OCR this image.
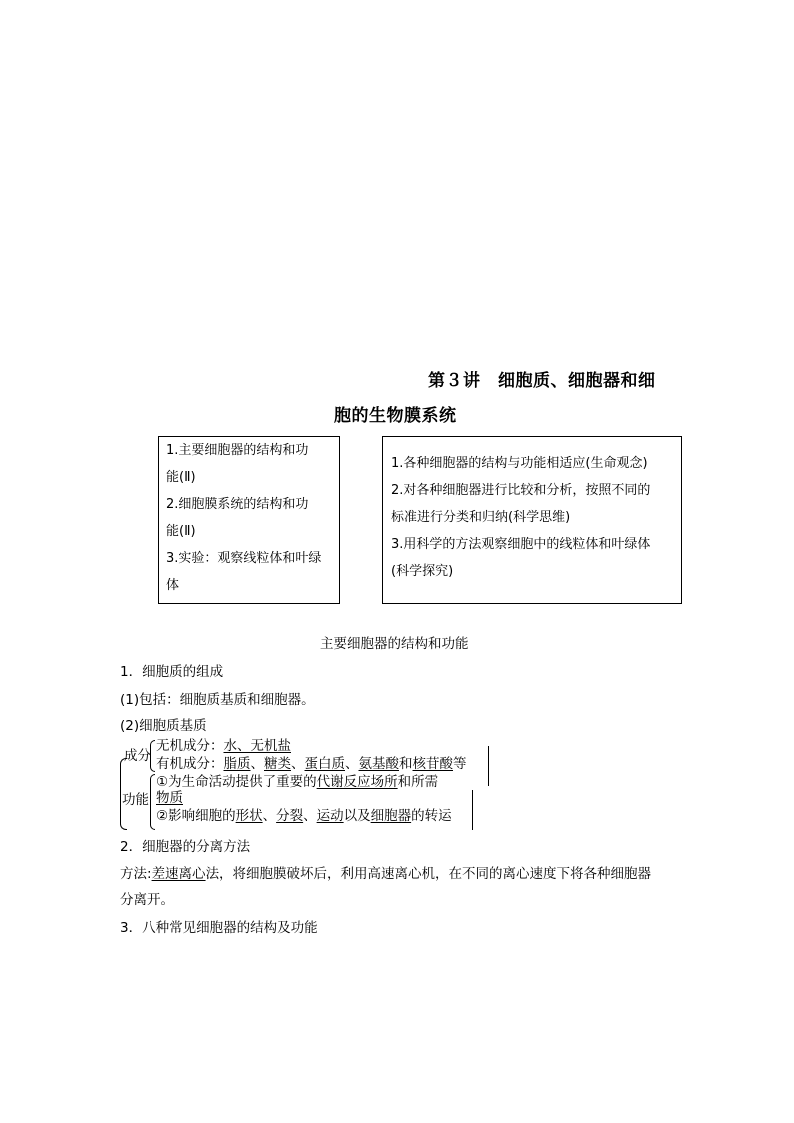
第３讲　细胞质、细胞器和细
胞的生物膜系统

1.主要细胞器的结构和功

能(Ⅱ)

2.细胞膜系统的结构和功

能(Ⅱ)

3.实验：观察线粒体和叶绿

体

1.各种细胞器的结构与功能相适应(生命观念)

2.对各种细胞器进行比较和分析，按照不同的

标准进行分类和归纳(科学思维)

3.用科学的方法观察细胞中的线粒体和叶绿体

(科学探究)

主要细胞器的结构和功能
1．细胞质的组成
(1)包括：细胞质基质和细胞器。
(2)细胞质基质
成分
功能
无机成分：水、无机盐
有机成分：脂质、糖类、蛋白质、氨基酸和核苷酸等
①为生命活动提供了重要的代谢反应场所和所需
物质
②影响细胞的形状、分裂、运动以及细胞器的转运
2．细胞器的分离方法
方法:差速离心法，将细胞膜破坏后，利用高速离心机，在不同的离心速度下将各种细胞器
分离开。
3．八种常见细胞器的结构及功能
